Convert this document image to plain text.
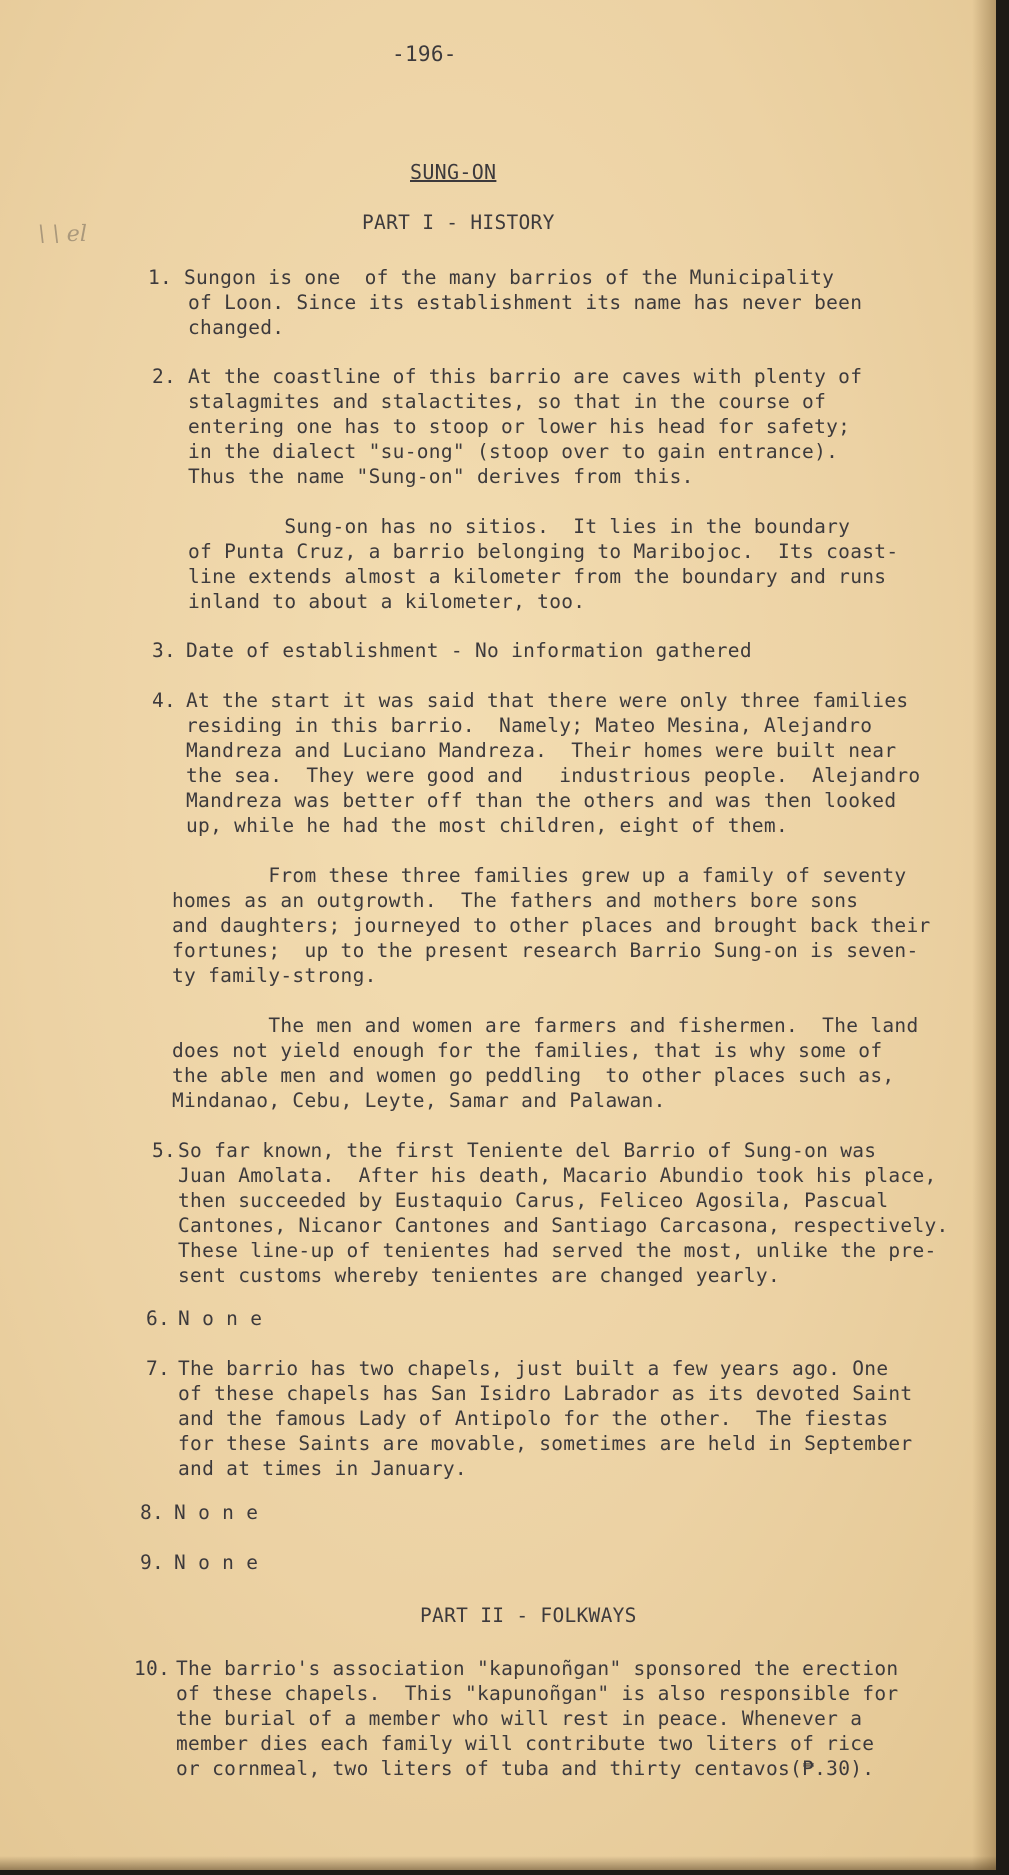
\ \ el
-196-
SUNG-ON
PART I - HISTORY
1. Sungon is one  of the many barrios of the Municipality
of Loon. Since its establishment its name has never been
changed.
2. At the coastline of this barrio are caves with plenty of
stalagmites and stalactites, so that in the course of
entering one has to stoop or lower his head for safety;
in the dialect "su-ong" (stoop over to gain entrance).
Thus the name "Sung-on" derives from this.
Sung-on has no sitios.  It lies in the boundary
of Punta Cruz, a barrio belonging to Maribojoc.  Its coast-
line extends almost a kilometer from the boundary and runs
inland to about a kilometer, too.
3. Date of establishment - No information gathered
4. At the start it was said that there were only three families
residing in this barrio.  Namely; Mateo Mesina, Alejandro
Mandreza and Luciano Mandreza.  Their homes were built near
the sea.  They were good and   industrious people.  Alejandro
Mandreza was better off than the others and was then looked
up, while he had the most children, eight of them.
From these three families grew up a family of seventy
homes as an outgrowth.  The fathers and mothers bore sons
and daughters; journeyed to other places and brought back their
fortunes;  up to the present research Barrio Sung-on is seven-
ty family-strong.
The men and women are farmers and fishermen.  The land
does not yield enough for the families, that is why some of
the able men and women go peddling  to other places such as,
Mindanao, Cebu, Leyte, Samar and Palawan.
5. So far known, the first Teniente del Barrio of Sung-on was
Juan Amolata.  After his death, Macario Abundio took his place,
then succeeded by Eustaquio Carus, Feliceo Agosila, Pascual
Cantones, Nicanor Cantones and Santiago Carcasona, respectively.
These line-up of tenientes had served the most, unlike the pre-
sent customs whereby tenientes are changed yearly.
6. N o n e
7. The barrio has two chapels, just built a few years ago. One
of these chapels has San Isidro Labrador as its devoted Saint
and the famous Lady of Antipolo for the other.  The fiestas
for these Saints are movable, sometimes are held in September
and at times in January.
8. N o n e
9. N o n e
PART II - FOLKWAYS
10. The barrio's association "kapunoñgan" sponsored the erection
of these chapels.  This "kapunoñgan" is also responsible for
the burial of a member who will rest in peace. Whenever a
member dies each family will contribute two liters of rice
or cornmeal, two liters of tuba and thirty centavos(₱.30).
